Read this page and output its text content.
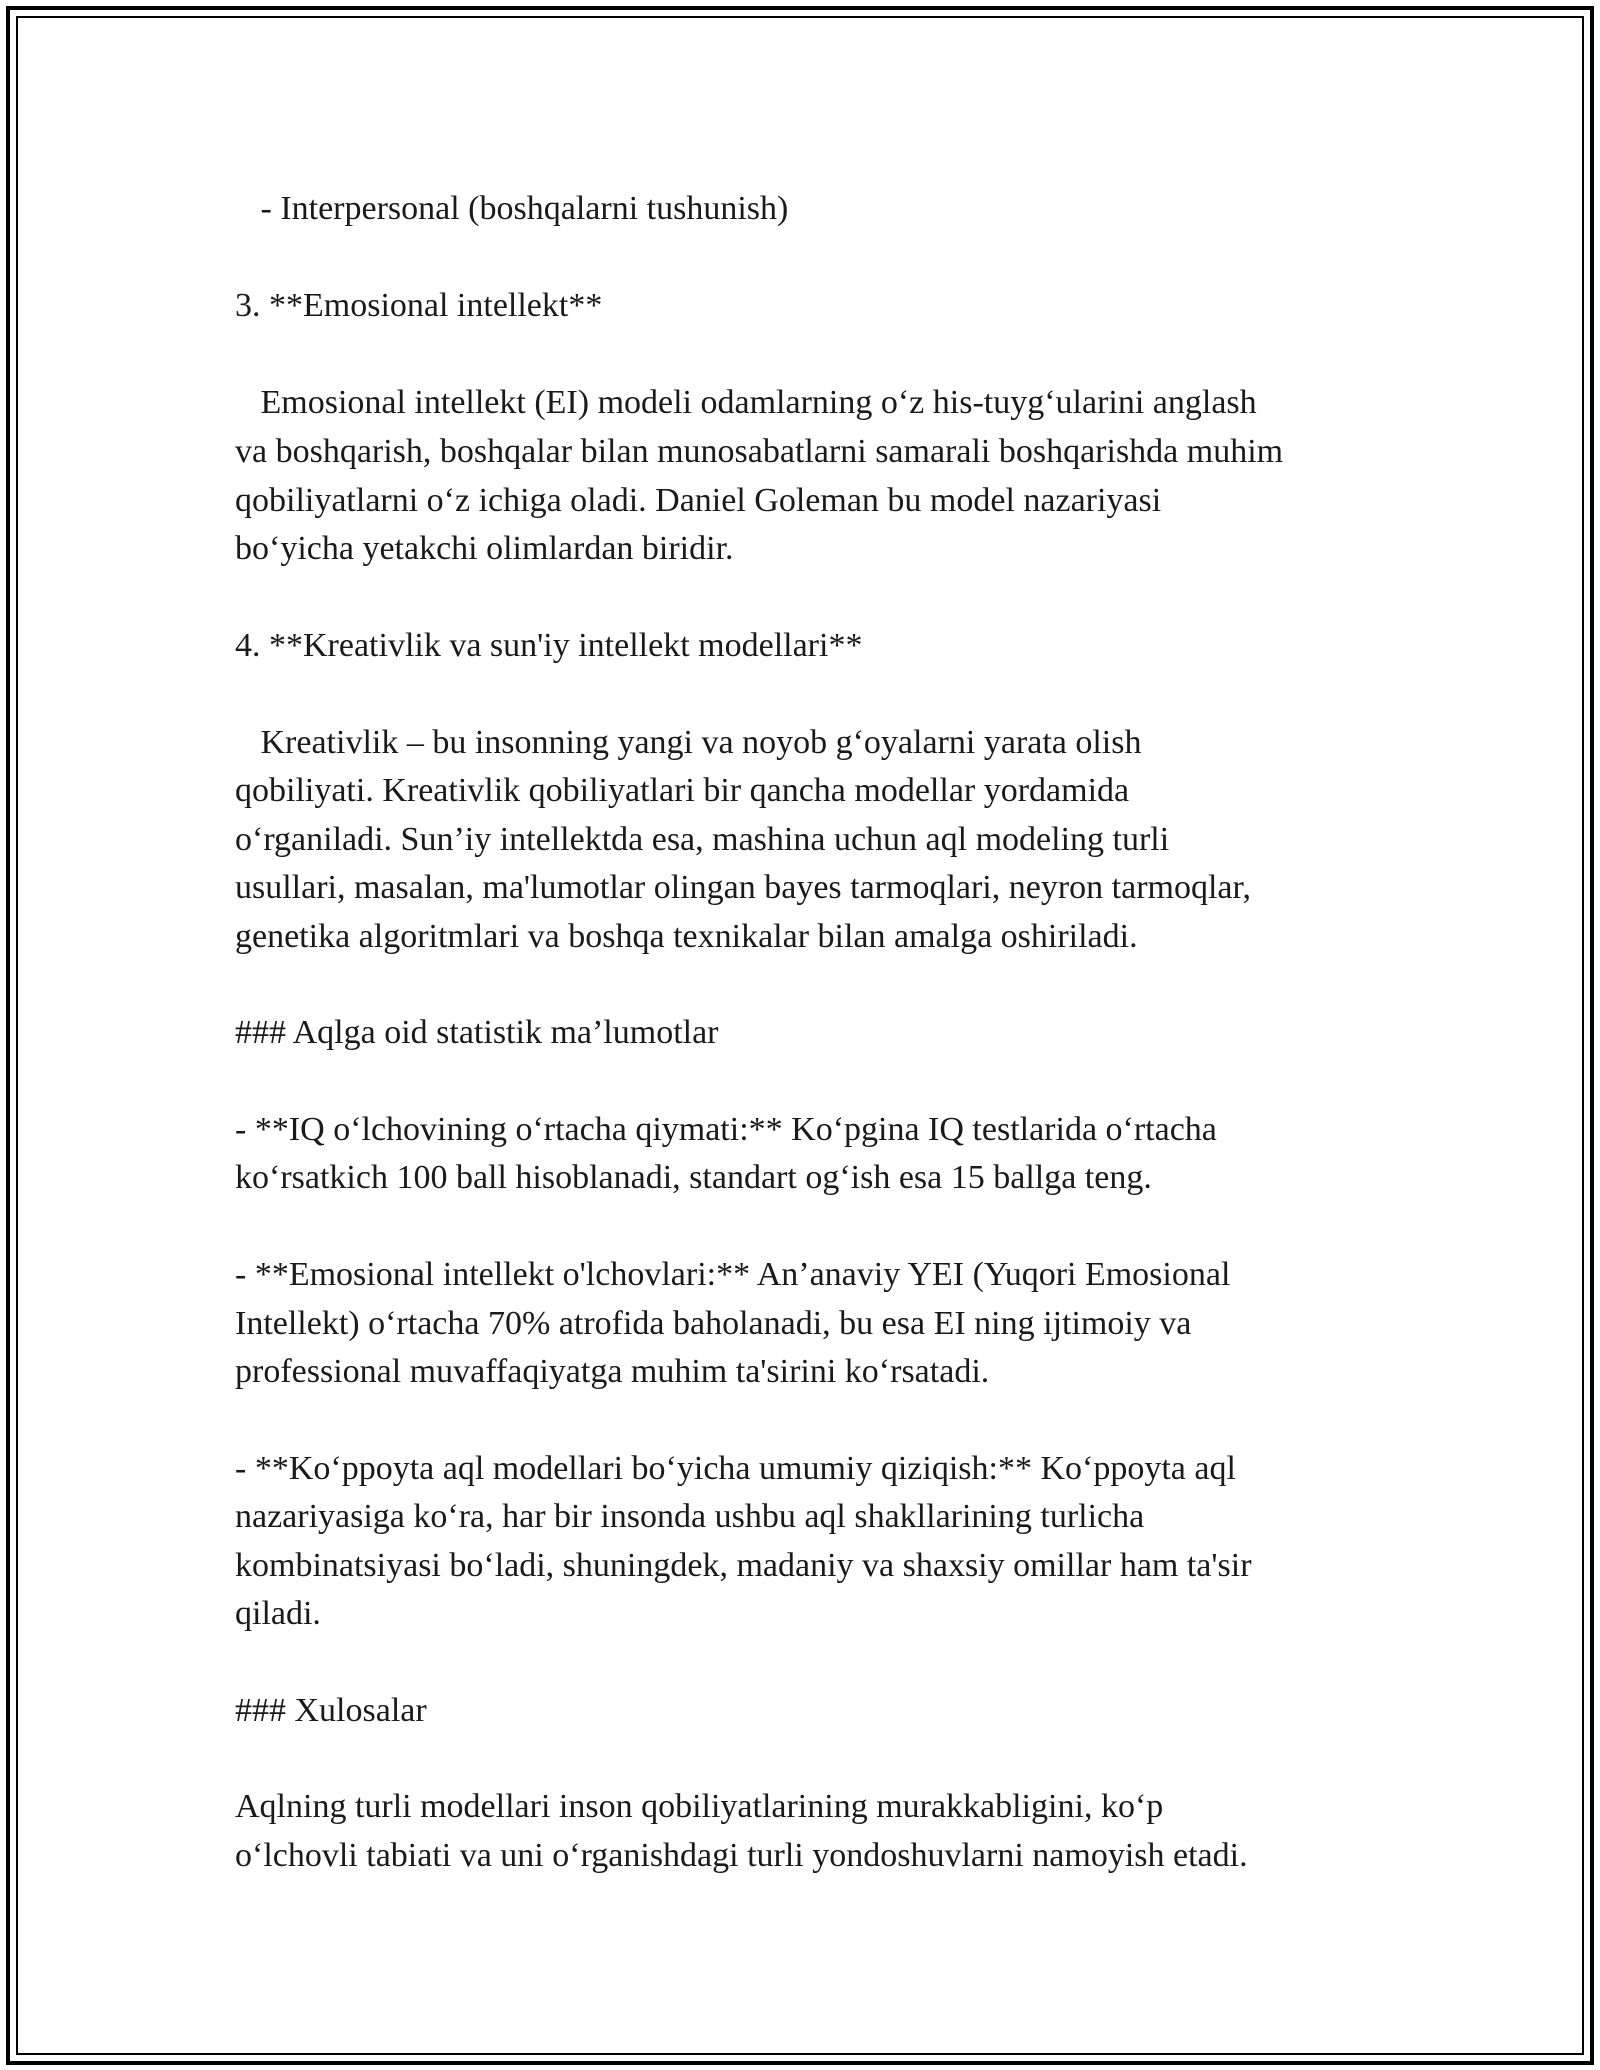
- Interpersonal (boshqalarni tushunish)
3. **Emosional intellekt**
Emosional intellekt (EI) modeli odamlarning o‘z his-tuyg‘ularini anglash
va boshqarish, boshqalar bilan munosabatlarni samarali boshqarishda muhim
qobiliyatlarni o‘z ichiga oladi. Daniel Goleman bu model nazariyasi
bo‘yicha yetakchi olimlardan biridir.
4. **Kreativlik va sun'iy intellekt modellari**
Kreativlik – bu insonning yangi va noyob g‘oyalarni yarata olish
qobiliyati. Kreativlik qobiliyatlari bir qancha modellar yordamida
o‘rganiladi. Sun’iy intellektda esa, mashina uchun aql modeling turli
usullari, masalan, ma'lumotlar olingan bayes tarmoqlari, neyron tarmoqlar,
genetika algoritmlari va boshqa texnikalar bilan amalga oshiriladi.
### Aqlga oid statistik ma’lumotlar
- **IQ o‘lchovining o‘rtacha qiymati:** Ko‘pgina IQ testlarida o‘rtacha
ko‘rsatkich 100 ball hisoblanadi, standart og‘ish esa 15 ballga teng.
- **Emosional intellekt o'lchovlari:** An’anaviy YEI (Yuqori Emosional
Intellekt) o‘rtacha 70% atrofida baholanadi, bu esa EI ning ijtimoiy va
professional muvaffaqiyatga muhim ta'sirini ko‘rsatadi.
- **Ko‘ppoyta aql modellari bo‘yicha umumiy qiziqish:** Ko‘ppoyta aql
nazariyasiga ko‘ra, har bir insonda ushbu aql shakllarining turlicha
kombinatsiyasi bo‘ladi, shuningdek, madaniy va shaxsiy omillar ham ta'sir
qiladi.
### Xulosalar
Aqlning turli modellari inson qobiliyatlarining murakkabligini, ko‘p
o‘lchovli tabiati va uni o‘rganishdagi turli yondoshuvlarni namoyish etadi.
